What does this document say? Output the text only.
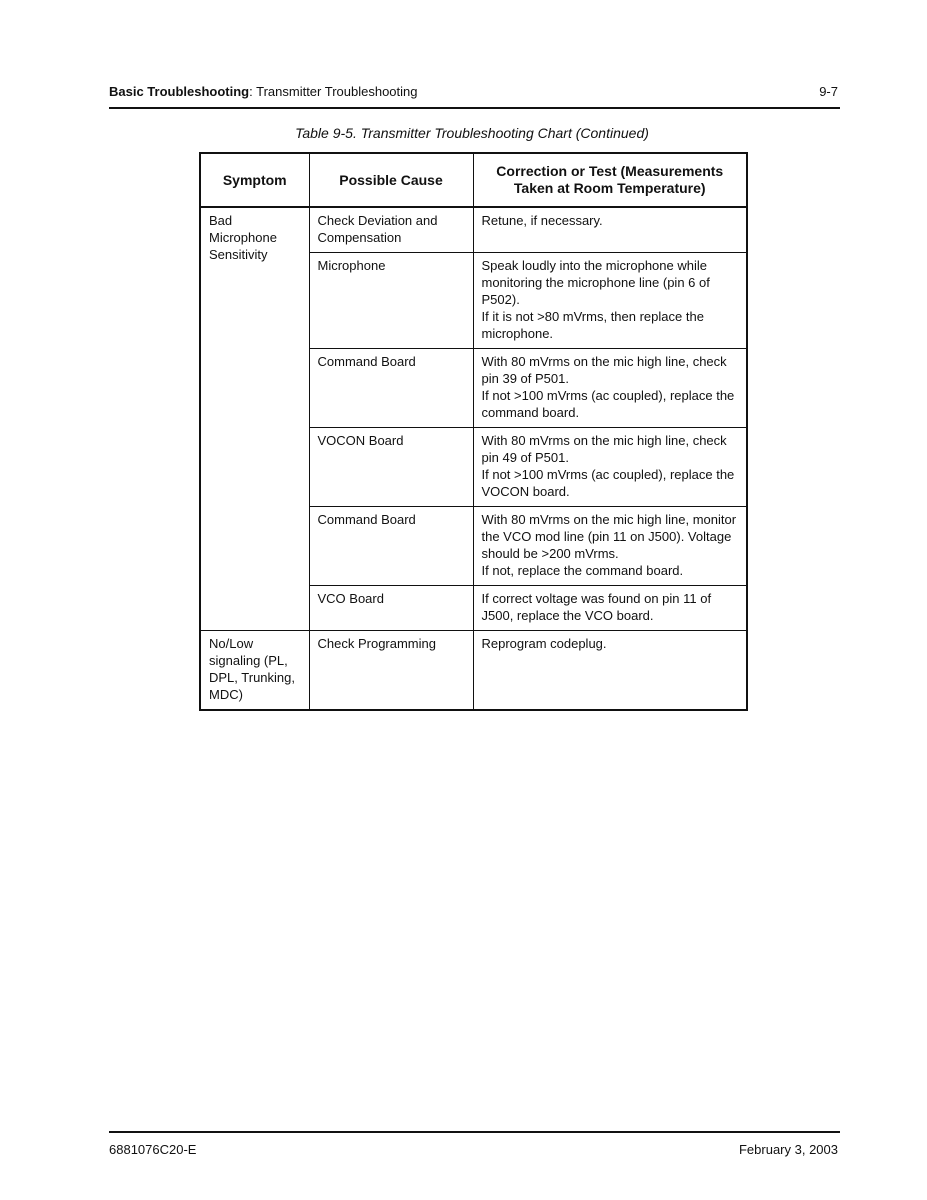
Basic Troubleshooting: Transmitter Troubleshooting	9-7
Table 9-5. Transmitter Troubleshooting Chart (Continued)
Symptom	Possible Cause	Correction or Test (Measurements Taken at Room Temperature)
Bad Microphone Sensitivity	Check Deviation and Compensation	Retune, if necessary.

	Microphone	Speak loudly into the microphone while monitoring the microphone line (pin 6 of P502).
If it is not >80 mVrms, then replace the microphone.

	Command Board	With 80 mVrms on the mic high line, check pin 39 of P501.
If not >100 mVrms (ac coupled), replace the command board.

	VOCON Board	With 80 mVrms on the mic high line, check pin 49 of P501.
If not >100 mVrms (ac coupled), replace the VOCON board.

	Command Board	With 80 mVrms on the mic high line, monitor the VCO mod line (pin 11 on J500). Voltage should be >200 mVrms.
If not, replace the command board.

	VCO Board	If correct voltage was found on pin 11 of J500, replace the VCO board.

No/Low signaling (PL, DPL, Trunking, MDC)	Check Programming	Reprogram codeplug.
6881076C20-E	February 3, 2003
